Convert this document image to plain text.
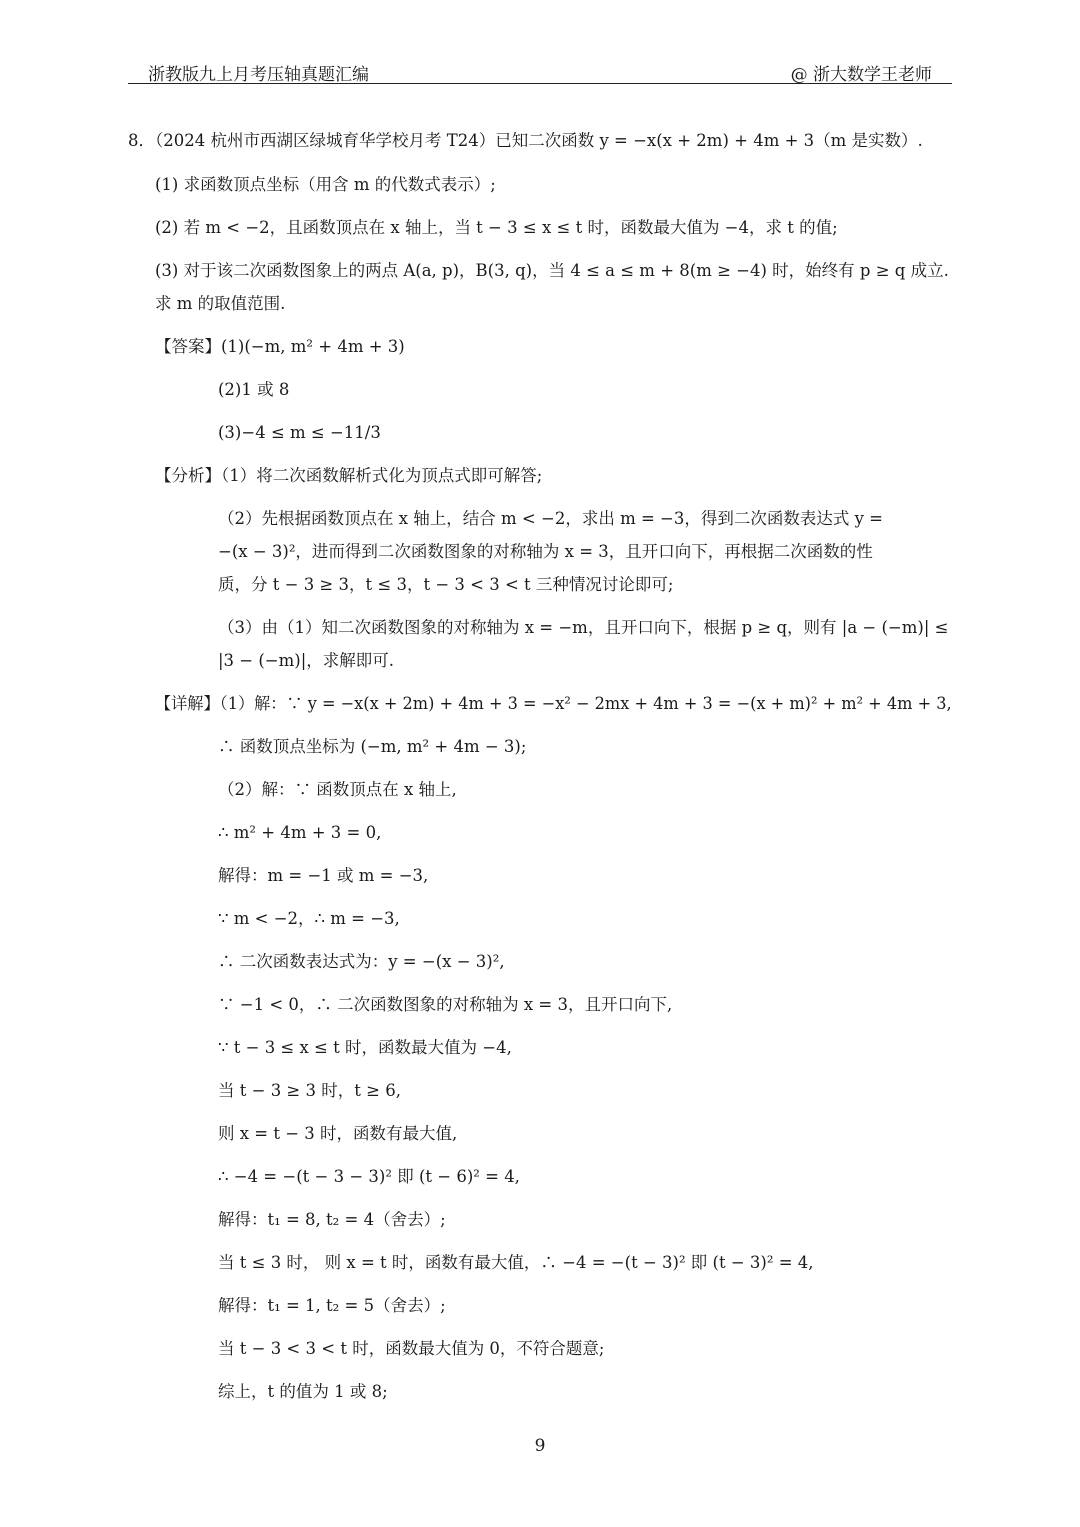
浙教版九上月考压轴真题汇编	@ 浙大数学王老师
8．（2024 杭州市西湖区绿城育华学校月考 T24）已知二次函数 y = −x(x + 2m) + 4m + 3（m 是实数）.
(1) 求函数顶点坐标（用含 m 的代数式表示）;
(2) 若 m < −2，且函数顶点在 x 轴上，当 t − 3 ≤ x ≤ t 时，函数最大值为 −4，求 t 的值;
(3) 对于该二次函数图象上的两点 A(a, p)，B(3, q)，当 4 ≤ a ≤ m + 8(m ≥ −4) 时，始终有 p ≥ q 成立.
求 m 的取值范围.
【答案】(1)(−m, m² + 4m + 3)
(2)1 或 8
(3)−4 ≤ m ≤ −11/3
【分析】（1）将二次函数解析式化为顶点式即可解答;
（2）先根据函数顶点在 x 轴上，结合 m < −2，求出 m = −3，得到二次函数表达式 y =
−(x − 3)²，进而得到二次函数图象的对称轴为 x = 3，且开口向下，再根据二次函数的性
质，分 t − 3 ≥ 3，t ≤ 3，t − 3 < 3 < t 三种情况讨论即可;
（3）由（1）知二次函数图象的对称轴为 x = −m，且开口向下，根据 p ≥ q，则有 |a − (−m)| ≤
|3 − (−m)|，求解即可.
【详解】（1）解：∵ y = −x(x + 2m) + 4m + 3 = −x² − 2mx + 4m + 3 = −(x + m)² + m² + 4m + 3,
∴ 函数顶点坐标为 (−m, m² + 4m − 3);
（2）解：∵ 函数顶点在 x 轴上,
∴ m² + 4m + 3 = 0,
解得：m = −1 或 m = −3,
∵ m < −2，∴ m = −3,
∴ 二次函数表达式为：y = −(x − 3)²,
∵ −1 < 0，∴ 二次函数图象的对称轴为 x = 3，且开口向下,
∵ t − 3 ≤ x ≤ t 时，函数最大值为 −4,
当 t − 3 ≥ 3 时，t ≥ 6,
则 x = t − 3 时，函数有最大值,
∴ −4 = −(t − 3 − 3)² 即 (t − 6)² = 4,
解得：t₁ = 8, t₂ = 4（舍去）;
当 t ≤ 3 时， 则 x = t 时，函数有最大值，∴ −4 = −(t − 3)² 即 (t − 3)² = 4,
解得：t₁ = 1, t₂ = 5（舍去）;
当 t − 3 < 3 < t 时，函数最大值为 0，不符合题意;
综上，t 的值为 1 或 8;
9
